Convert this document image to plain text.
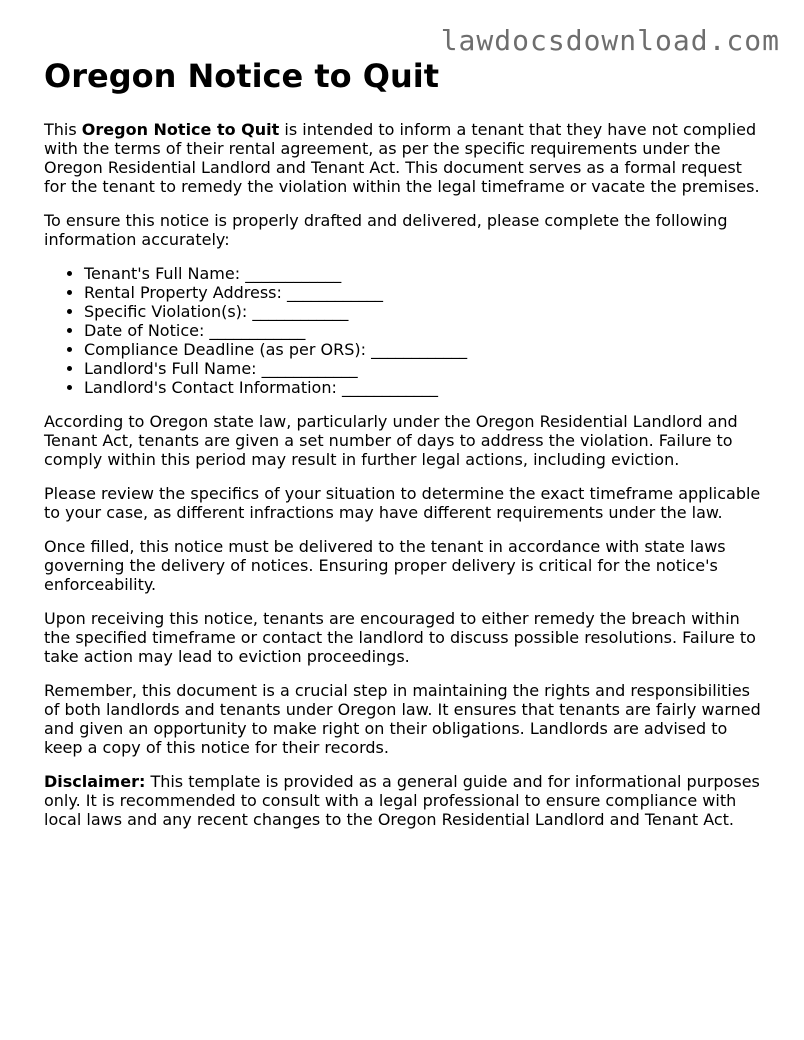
lawdocsdownload.com
Oregon Notice to Quit

This Oregon Notice to Quit is intended to inform a tenant that they have not complied with the terms of their rental agreement, as per the specific requirements under the Oregon Residential Landlord and Tenant Act. This document serves as a formal request for the tenant to remedy the violation within the legal timeframe or vacate the premises.

To ensure this notice is properly drafted and delivered, please complete the following information accurately:

• Tenant's Full Name: ____________
• Rental Property Address: ____________
• Specific Violation(s): ____________
• Date of Notice: ____________
• Compliance Deadline (as per ORS): ____________
• Landlord's Full Name: ____________
• Landlord's Contact Information: ____________

According to Oregon state law, particularly under the Oregon Residential Landlord and Tenant Act, tenants are given a set number of days to address the violation. Failure to comply within this period may result in further legal actions, including eviction.

Please review the specifics of your situation to determine the exact timeframe applicable to your case, as different infractions may have different requirements under the law.

Once filled, this notice must be delivered to the tenant in accordance with state laws governing the delivery of notices. Ensuring proper delivery is critical for the notice's enforceability.

Upon receiving this notice, tenants are encouraged to either remedy the breach within the specified timeframe or contact the landlord to discuss possible resolutions. Failure to take action may lead to eviction proceedings.

Remember, this document is a crucial step in maintaining the rights and responsibilities of both landlords and tenants under Oregon law. It ensures that tenants are fairly warned and given an opportunity to make right on their obligations. Landlords are advised to keep a copy of this notice for their records.

Disclaimer: This template is provided as a general guide and for informational purposes only. It is recommended to consult with a legal professional to ensure compliance with local laws and any recent changes to the Oregon Residential Landlord and Tenant Act.
